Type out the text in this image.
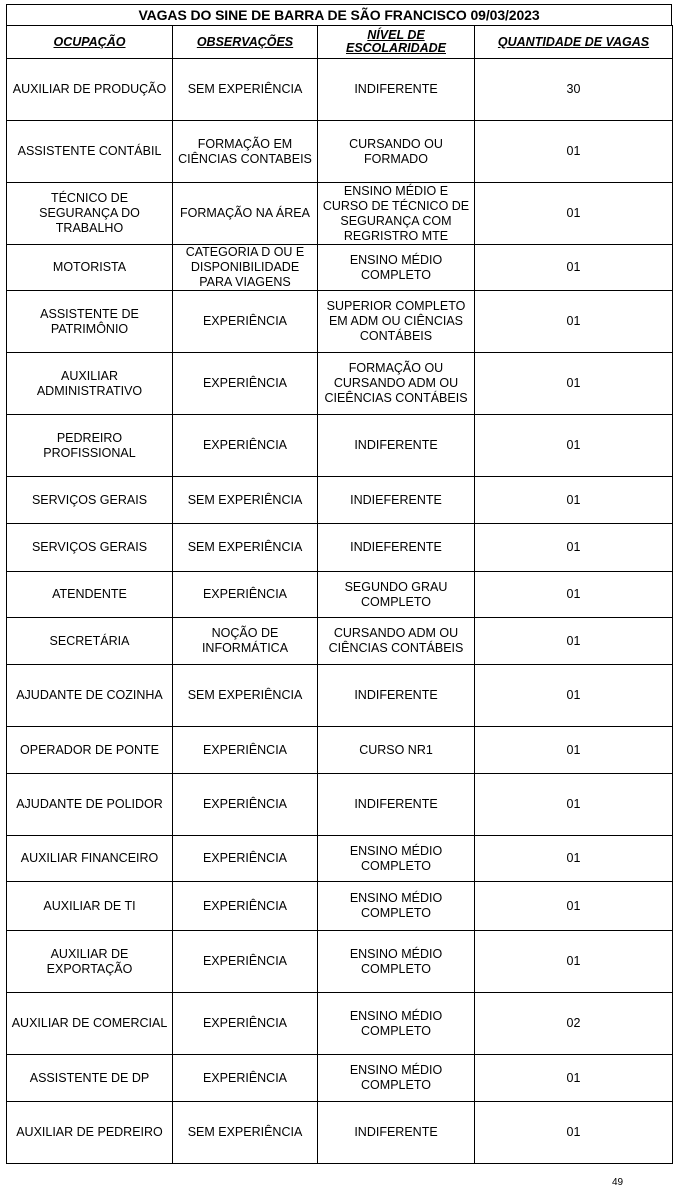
VAGAS DO SINE DE BARRA DE SÃO FRANCISCO 09/03/2023
OCUPAÇÃO	OBSERVAÇÕES	NÍVEL DE ESCOLARIDADE	QUANTIDADE DE VAGAS
AUXILIAR DE PRODUÇÃO	SEM EXPERIÊNCIA	INDIFERENTE	30
ASSISTENTE CONTÁBIL	FORMAÇÃO EM CIÊNCIAS CONTABEIS	CURSANDO OU FORMADO	01
TÉCNICO DE SEGURANÇA DO TRABALHO	FORMAÇÃO NA ÁREA	ENSINO MÉDIO E CURSO DE TÉCNICO DE SEGURANÇA COM REGRISTRO MTE	01
MOTORISTA	CATEGORIA D OU E DISPONIBILIDADE PARA VIAGENS	ENSINO MÉDIO COMPLETO	01
ASSISTENTE DE PATRIMÔNIO	EXPERIÊNCIA	SUPERIOR COMPLETO EM ADM OU CIÊNCIAS CONTÁBEIS	01
AUXILIAR ADMINISTRATIVO	EXPERIÊNCIA	FORMAÇÃO OU CURSANDO ADM OU CIEÊNCIAS CONTÁBEIS	01
PEDREIRO PROFISSIONAL	EXPERIÊNCIA	INDIFERENTE	01
SERVIÇOS GERAIS	SEM EXPERIÊNCIA	INDIEFERENTE	01
SERVIÇOS GERAIS	SEM EXPERIÊNCIA	INDIEFERENTE	01
ATENDENTE	EXPERIÊNCIA	SEGUNDO GRAU COMPLETO	01
SECRETÁRIA	NOÇÃO DE INFORMÁTICA	CURSANDO ADM OU CIÊNCIAS CONTÁBEIS	01
AJUDANTE DE COZINHA	SEM EXPERIÊNCIA	INDIFERENTE	01
OPERADOR DE PONTE	EXPERIÊNCIA	CURSO NR1	01
AJUDANTE DE POLIDOR	EXPERIÊNCIA	INDIFERENTE	01
AUXILIAR FINANCEIRO	EXPERIÊNCIA	ENSINO MÉDIO COMPLETO	01
AUXILIAR DE TI	EXPERIÊNCIA	ENSINO MÉDIO COMPLETO	01
AUXILIAR DE EXPORTAÇÃO	EXPERIÊNCIA	ENSINO MÉDIO COMPLETO	01
AUXILIAR DE COMERCIAL	EXPERIÊNCIA	ENSINO MÉDIO COMPLETO	02
ASSISTENTE DE DP	EXPERIÊNCIA	ENSINO MÉDIO COMPLETO	01
AUXILIAR DE PEDREIRO	SEM EXPERIÊNCIA	INDIFERENTE	01
49
